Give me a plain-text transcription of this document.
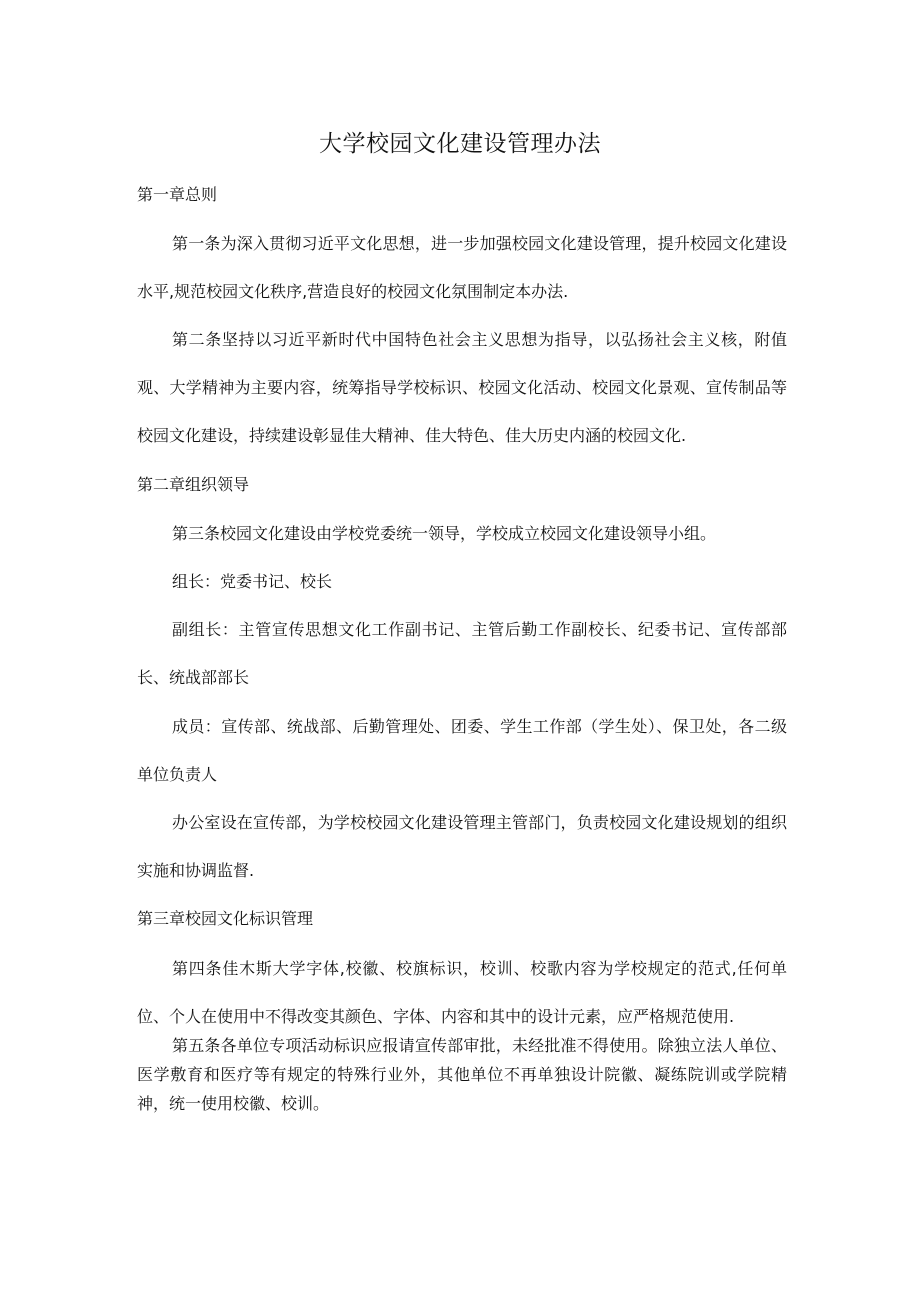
大学校园文化建设管理办法

第一章总则

第一条为深入贯彻习近平文化思想，进一步加强校园文化建设管理，提升校园文化建设水平,规范校园文化秩序,营造良好的校园文化氛围制定本办法.

第二条坚持以习近平新时代中国特色社会主义思想为指导，以弘扬社会主义核，附值观、大学精神为主要内容，统筹指导学校标识、校园文化活动、校园文化景观、宣传制品等校园文化建设，持续建设彰显佳大精神、佳大特色、佳大历史内涵的校园文化.

第二章组织领导

第三条校园文化建设由学校党委统一领导，学校成立校园文化建设领导小组。

组长：党委书记、校长

副组长：主管宣传思想文化工作副书记、主管后勤工作副校长、纪委书记、宣传部部长、统战部部长

成员：宣传部、统战部、后勤管理处、团委、学生工作部（学生处）、保卫处，各二级单位负责人

办公室设在宣传部，为学校校园文化建设管理主管部门，负责校园文化建设规划的组织实施和协调监督.

第三章校园文化标识管理

第四条佳木斯大学字体,校徽、校旗标识，校训、校歌内容为学校规定的范式,任何单位、个人在使用中不得改变其颜色、字体、内容和其中的设计元素，应严格规范使用.

第五条各单位专项活动标识应报请宣传部审批，未经批准不得使用。除独立法人单位、医学敷育和医疗等有规定的特殊行业外，其他单位不再单独设计院徽、凝练院训或学院精神，统一使用校徽、校训。
